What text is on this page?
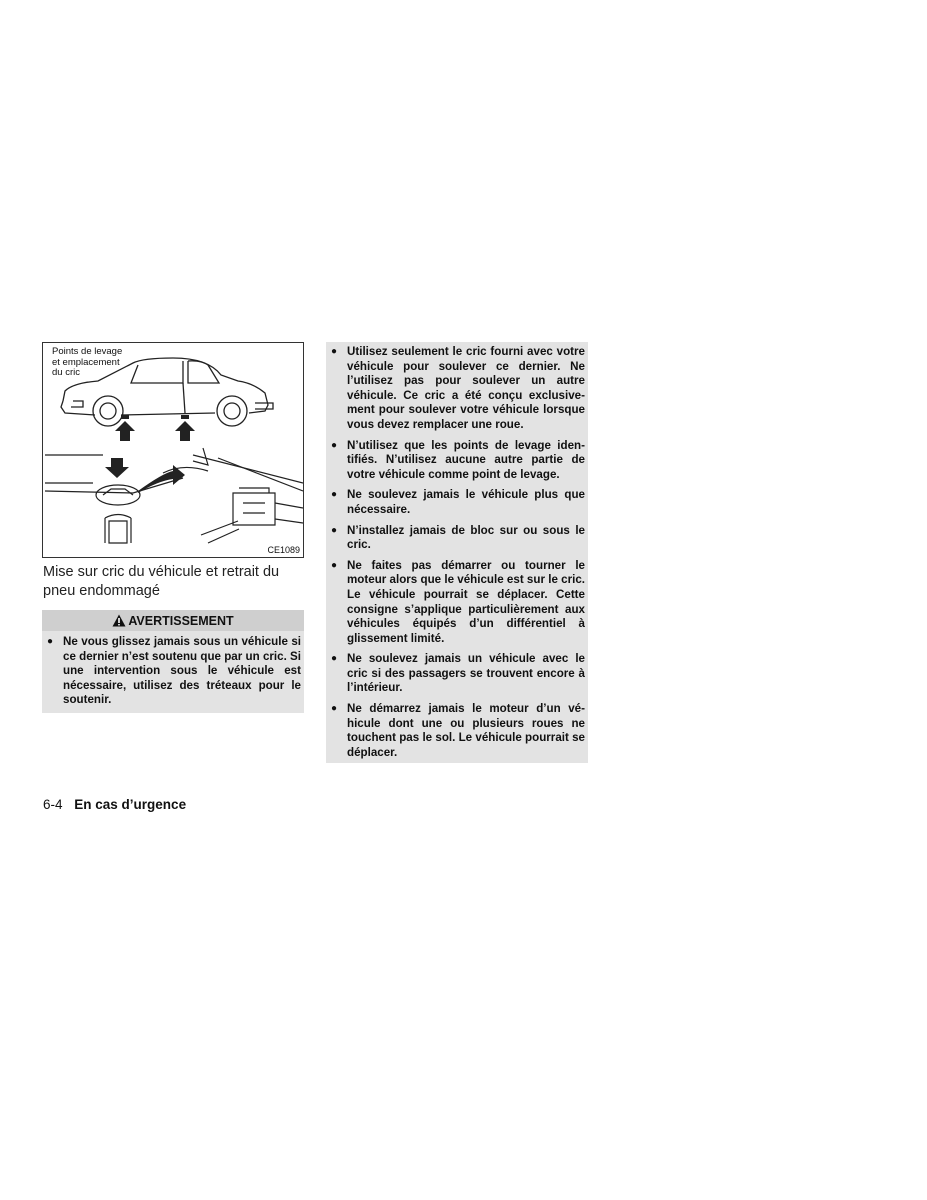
Points de levage
et emplacement
du cric
CE1089
Mise sur cric du véhicule et retrait du pneu endommagé
AVERTISSEMENT
● Ne vous glissez jamais sous un véhicule si ce dernier n’est soutenu que par un cric. Si une intervention sous le véhicule est nécessaire, utilisez des tréteaux pour le soutenir.
● Utilisez seulement le cric fourni avec votre véhicule pour soulever ce dernier. Ne l’utilisez pas pour soulever un autre véhicule. Ce cric a été conçu exclusivement pour soulever votre véhicule lorsque vous devez remplacer une roue.
● N’utilisez que les points de levage identifiés. N’utilisez aucune autre partie de votre véhicule comme point de levage.
● Ne soulevez jamais le véhicule plus que nécessaire.
● N’installez jamais de bloc sur ou sous le cric.
● Ne faites pas démarrer ou tourner le moteur alors que le véhicule est sur le cric. Le véhicule pourrait se déplacer. Cette consigne s’applique particulièrement aux véhicules équipés d’un différentiel à glissement limité.
● Ne soulevez jamais un véhicule avec le cric si des passagers se trouvent encore à l’intérieur.
● Ne démarrez jamais le moteur d’un véhicule dont une ou plusieurs roues ne touchent pas le sol. Le véhicule pourrait se déplacer.
6-4 En cas d’urgence
